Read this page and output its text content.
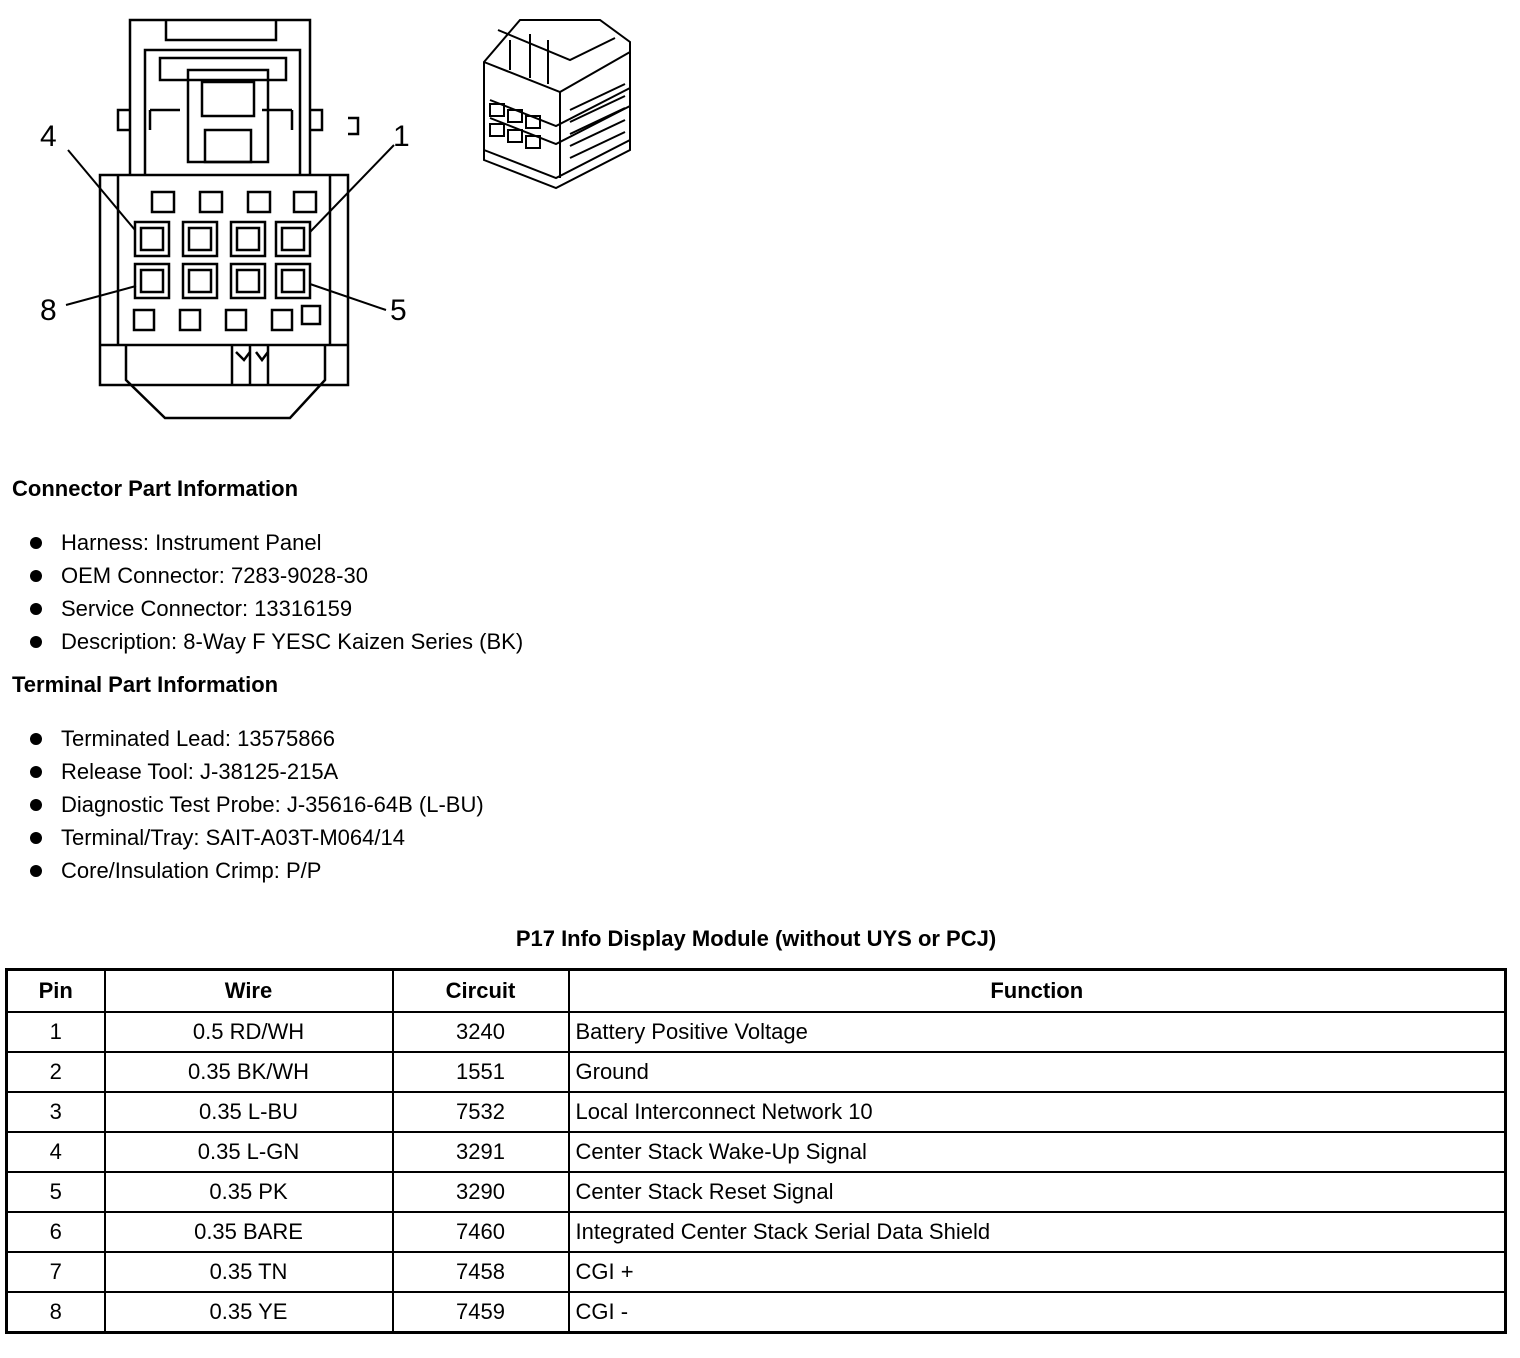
4	1
8	5
Connector Part Information
Harness: Instrument Panel
OEM Connector: 7283-9028-30
Service Connector: 13316159
Description: 8-Way F YESC Kaizen Series (BK)
Terminal Part Information
Terminated Lead: 13575866
Release Tool: J-38125-215A
Diagnostic Test Probe: J-35616-64B (L-BU)
Terminal/Tray: SAIT-A03T-M064/14
Core/Insulation Crimp: P/P
P17 Info Display Module (without UYS or PCJ)
Pin	Wire	Circuit	Function
1	0.5 RD/WH	3240	Battery Positive Voltage
2	0.35 BK/WH	1551	Ground
3	0.35 L-BU	7532	Local Interconnect Network 10
4	0.35 L-GN	3291	Center Stack Wake-Up Signal
5	0.35 PK	3290	Center Stack Reset Signal
6	0.35 BARE	7460	Integrated Center Stack Serial Data Shield
7	0.35 TN	7458	CGI +
8	0.35 YE	7459	CGI -
